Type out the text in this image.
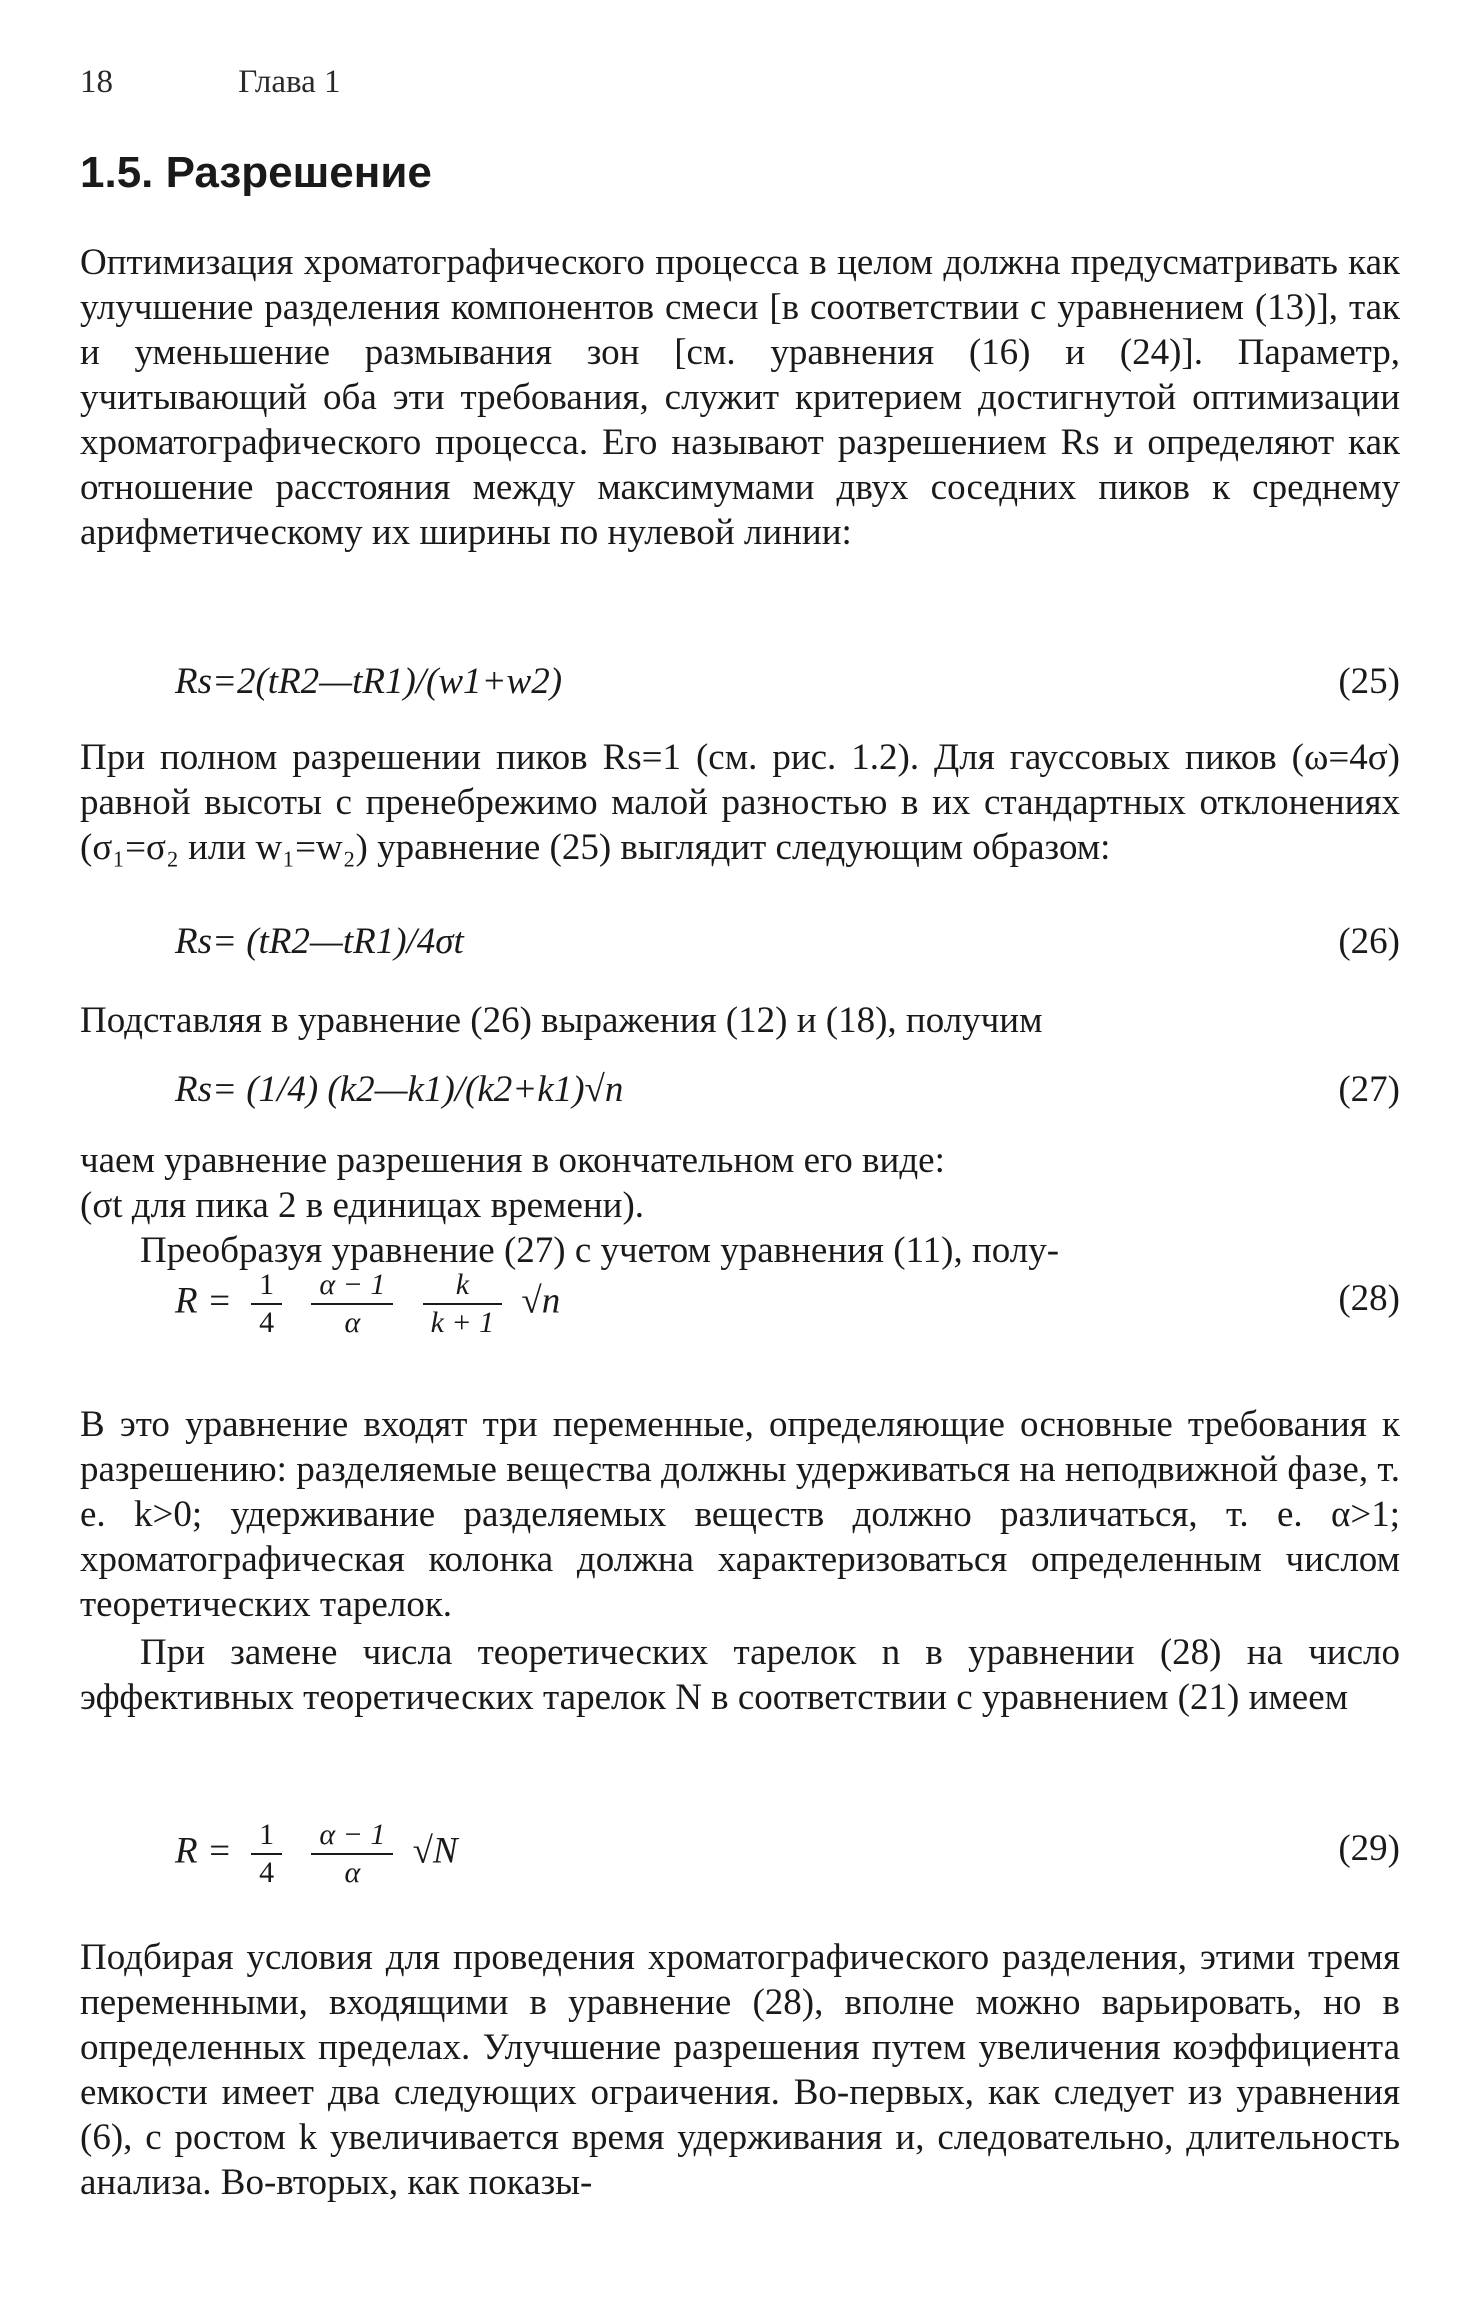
18	Глава 1
1.5. Разрешение

Оптимизация хроматографического процесса в целом должна предусматривать как улучшение разделения компонентов смеси [в соответствии с уравнением (13)], так и уменьшение размывания зон [см. уравнения (16) и (24)]. Параметр, учитывающий оба эти требования, служит критерием достигнутой оптимизации хроматографического процесса. Его называют разрешением Rs и определяют как отношение расстояния между максимумами двух соседних пиков к среднему арифметическому их ширины по нулевой линии:

Rs=2(tR2—tR1)/(w1+w2)	(25)

При полном разрешении пиков Rs=1 (см. рис. 1.2). Для гауссовых пиков (ω=4σ) равной высоты с пренебрежимо малой разностью в их стандартных отклонениях (σ₁=σ₂ или w₁=w₂) уравнение (25) выглядит следующим образом:

Rs= (tR2—tR1)/4σt	(26)

Подставляя в уравнение (26) выражения (12) и (18), получим

Rs= (1/4) (k2—k1)/(k2+k1)√n	(27)

чаем уравнение разрешения в окончательном его виде:

(σt для пика 2 в единицах времени).

Преобразуя уравнение (27) с учетом уравнения (11), полу-

$R = \frac{1}{4}$
$\frac{\alpha - 1}{\alpha}$
$\frac{k}{k + 1} √n$	(28)

В это уравнение входят три переменные, определяющие основные требования к разрешению: разделяемые вещества должны удерживаться на неподвижной фазе, т. е. k>0; удерживание разделяемых веществ должно различаться, т. е. α>1; хроматографическая колонка должна характеризоваться определенным числом теоретических тарелок.

При замене числа теоретических тарелок n в уравнении (28) на число эффективных теоретических тарелок N в соответствии с уравнением (21) имеем

$R = \frac{1}{4}$
$\frac{\alpha - 1}{\alpha} √N$	(29)

Подбирая условия для проведения хроматографического разделения, этими тремя переменными, входящими в уравнение (28), вполне можно варьировать, но в определенных пределах. Улучшение разрешения путем увеличения коэффициента емкости имеет два следующих ограичения. Во-первых, как следует из уравнения (6), с ростом k увеличивается время удерживания и, следовательно, длительность анализа. Во-вторых, как показы-
